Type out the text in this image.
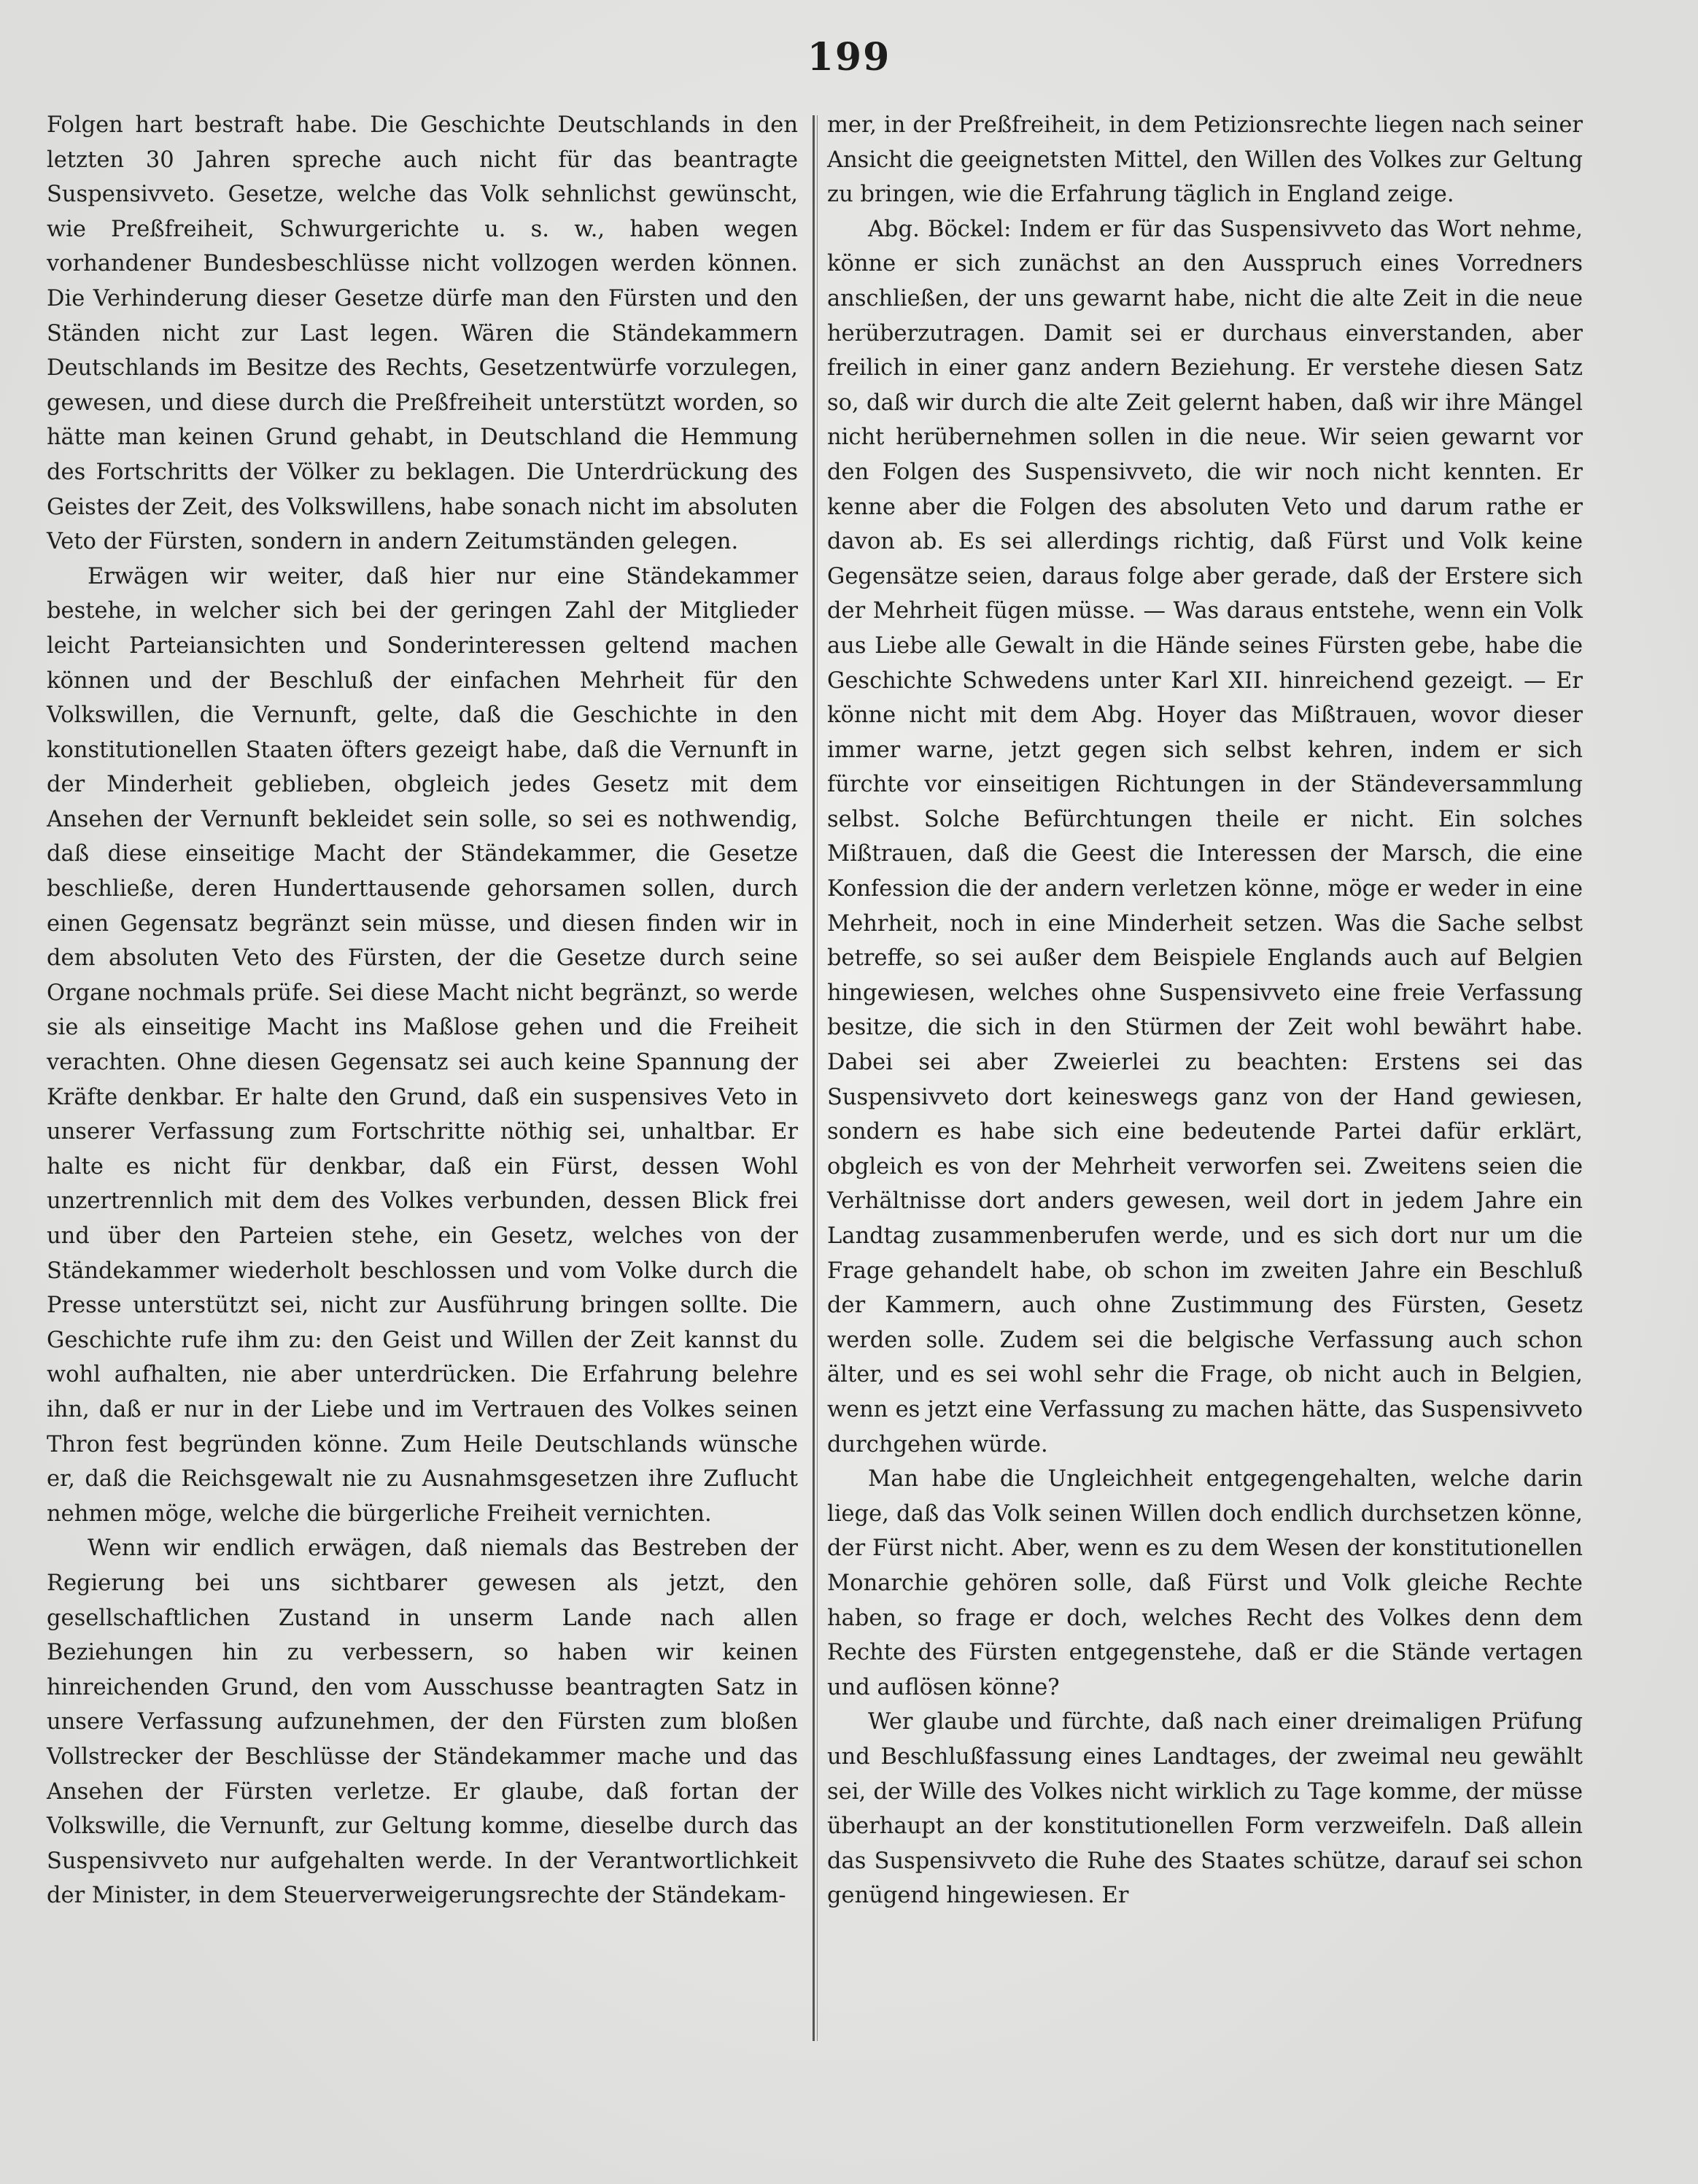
199

Folgen hart bestraft habe. Die Geschichte Deutschlands in den letzten 30 Jahren spreche auch nicht für das beantragte Suspensivveto. Gesetze, welche das Volk sehnlichst gewünscht, wie Preßfreiheit, Schwurgerichte u. s. w., haben wegen vorhandener Bundesbeschlüsse nicht vollzogen werden können. Die Verhinderung dieser Gesetze dürfe man den Fürsten und den Ständen nicht zur Last legen. Wären die Ständekammern Deutschlands im Besitze des Rechts, Gesetzentwürfe vorzulegen, gewesen, und diese durch die Preßfreiheit unterstützt worden, so hätte man keinen Grund gehabt, in Deutschland die Hemmung des Fortschritts der Völker zu beklagen. Die Unterdrückung des Geistes der Zeit, des Volkswillens, habe sonach nicht im absoluten Veto der Fürsten, sondern in andern Zeitumständen gelegen.

Erwägen wir weiter, daß hier nur eine Ständekammer bestehe, in welcher sich bei der geringen Zahl der Mitglieder leicht Parteiansichten und Sonderinteressen geltend machen können und der Beschluß der einfachen Mehrheit für den Volkswillen, die Vernunft, gelte, daß die Geschichte in den konstitutionellen Staaten öfters gezeigt habe, daß die Vernunft in der Minderheit geblieben, obgleich jedes Gesetz mit dem Ansehen der Vernunft bekleidet sein solle, so sei es nothwendig, daß diese einseitige Macht der Ständekammer, die Gesetze beschließe, deren Hunderttausende gehorsamen sollen, durch einen Gegensatz begränzt sein müsse, und diesen finden wir in dem absoluten Veto des Fürsten, der die Gesetze durch seine Organe nochmals prüfe. Sei diese Macht nicht begränzt, so werde sie als einseitige Macht ins Maßlose gehen und die Freiheit verachten. Ohne diesen Gegensatz sei auch keine Spannung der Kräfte denkbar. Er halte den Grund, daß ein suspensives Veto in unserer Verfassung zum Fortschritte nöthig sei, unhaltbar. Er halte es nicht für denkbar, daß ein Fürst, dessen Wohl unzertrennlich mit dem des Volkes verbunden, dessen Blick frei und über den Parteien stehe, ein Gesetz, welches von der Ständekammer wiederholt beschlossen und vom Volke durch die Presse unterstützt sei, nicht zur Ausführung bringen sollte. Die Geschichte rufe ihm zu: den Geist und Willen der Zeit kannst du wohl aufhalten, nie aber unterdrücken. Die Erfahrung belehre ihn, daß er nur in der Liebe und im Vertrauen des Volkes seinen Thron fest begründen könne. Zum Heile Deutschlands wünsche er, daß die Reichsgewalt nie zu Ausnahmsgesetzen ihre Zuflucht nehmen möge, welche die bürgerliche Freiheit vernichten.

Wenn wir endlich erwägen, daß niemals das Bestreben der Regierung bei uns sichtbarer gewesen als jetzt, den gesellschaftlichen Zustand in unserm Lande nach allen Beziehungen hin zu verbessern, so haben wir keinen hinreichenden Grund, den vom Ausschusse beantragten Satz in unsere Verfassung aufzunehmen, der den Fürsten zum bloßen Vollstrecker der Beschlüsse der Ständekammer mache und das Ansehen der Fürsten verletze. Er glaube, daß fortan der Volkswille, die Vernunft, zur Geltung komme, dieselbe durch das Suspensivveto nur aufgehalten werde. In der Verantwortlichkeit der Minister, in dem Steuerverweigerungsrechte der Ständekam-

mer, in der Preßfreiheit, in dem Petizionsrechte liegen nach seiner Ansicht die geeignetsten Mittel, den Willen des Volkes zur Geltung zu bringen, wie die Erfahrung täglich in England zeige.

Abg. Böckel: Indem er für das Suspensivveto das Wort nehme, könne er sich zunächst an den Ausspruch eines Vorredners anschließen, der uns gewarnt habe, nicht die alte Zeit in die neue herüberzutragen. Damit sei er durchaus einverstanden, aber freilich in einer ganz andern Beziehung. Er verstehe diesen Satz so, daß wir durch die alte Zeit gelernt haben, daß wir ihre Mängel nicht herübernehmen sollen in die neue. Wir seien gewarnt vor den Folgen des Suspensivveto, die wir noch nicht kennten. Er kenne aber die Folgen des absoluten Veto und darum rathe er davon ab. Es sei allerdings richtig, daß Fürst und Volk keine Gegensätze seien, daraus folge aber gerade, daß der Erstere sich der Mehrheit fügen müsse. — Was daraus entstehe, wenn ein Volk aus Liebe alle Gewalt in die Hände seines Fürsten gebe, habe die Geschichte Schwedens unter Karl XII. hinreichend gezeigt. — Er könne nicht mit dem Abg. Hoyer das Mißtrauen, wovor dieser immer warne, jetzt gegen sich selbst kehren, indem er sich fürchte vor einseitigen Richtungen in der Ständeversammlung selbst. Solche Befürchtungen theile er nicht. Ein solches Mißtrauen, daß die Geest die Interessen der Marsch, die eine Konfession die der andern verletzen könne, möge er weder in eine Mehrheit, noch in eine Minderheit setzen. Was die Sache selbst betreffe, so sei außer dem Beispiele Englands auch auf Belgien hingewiesen, welches ohne Suspensivveto eine freie Verfassung besitze, die sich in den Stürmen der Zeit wohl bewährt habe. Dabei sei aber Zweierlei zu beachten: Erstens sei das Suspensivveto dort keineswegs ganz von der Hand gewiesen, sondern es habe sich eine bedeutende Partei dafür erklärt, obgleich es von der Mehrheit verworfen sei. Zweitens seien die Verhältnisse dort anders gewesen, weil dort in jedem Jahre ein Landtag zusammenberufen werde, und es sich dort nur um die Frage gehandelt habe, ob schon im zweiten Jahre ein Beschluß der Kammern, auch ohne Zustimmung des Fürsten, Gesetz werden solle. Zudem sei die belgische Verfassung auch schon älter, und es sei wohl sehr die Frage, ob nicht auch in Belgien, wenn es jetzt eine Verfassung zu machen hätte, das Suspensivveto durchgehen würde.

Man habe die Ungleichheit entgegengehalten, welche darin liege, daß das Volk seinen Willen doch endlich durchsetzen könne, der Fürst nicht. Aber, wenn es zu dem Wesen der konstitutionellen Monarchie gehören solle, daß Fürst und Volk gleiche Rechte haben, so frage er doch, welches Recht des Volkes denn dem Rechte des Fürsten entgegenstehe, daß er die Stände vertagen und auflösen könne?

Wer glaube und fürchte, daß nach einer dreimaligen Prüfung und Beschlußfassung eines Landtages, der zweimal neu gewählt sei, der Wille des Volkes nicht wirklich zu Tage komme, der müsse überhaupt an der konstitutionellen Form verzweifeln. Daß allein das Suspensivveto die Ruhe des Staates schütze, darauf sei schon genügend hingewiesen. Er
